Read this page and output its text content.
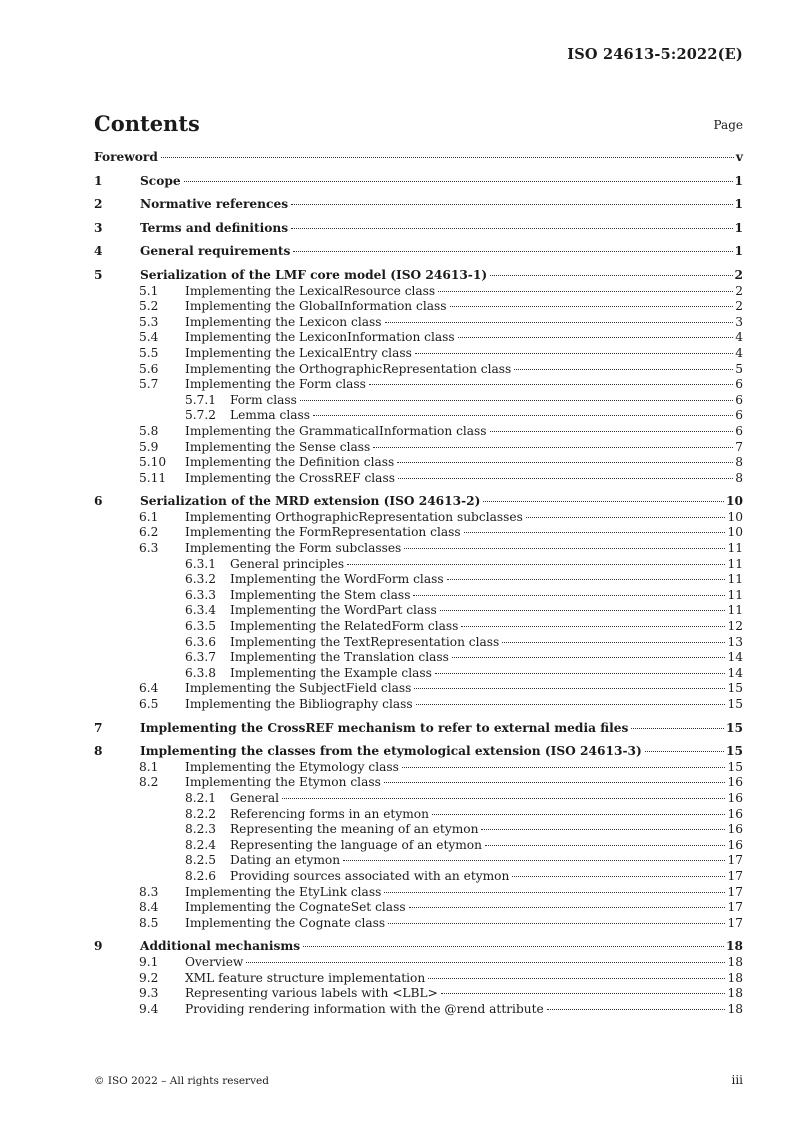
ISO 24613-5:2022(E)
Contents	Page
Foreword	v
1	Scope	1
2	Normative references	1
3	Terms and definitions	1
4	General requirements	1
5	Serialization of the LMF core model (ISO 24613-1)	2
5.1 Implementing the LexicalResource class	2
5.2 Implementing the GlobalInformation class	2
5.3 Implementing the Lexicon class	3
5.4 Implementing the LexiconInformation class	4
5.5 Implementing the LexicalEntry class	4
5.6 Implementing the OrthographicRepresentation class	5
5.7 Implementing the Form class	6
5.7.1 Form class	6
5.7.2 Lemma class	6
5.8 Implementing the GrammaticalInformation class	6
5.9 Implementing the Sense class	7
5.10 Implementing the Definition class	8
5.11 Implementing the CrossREF class	8
6	Serialization of the MRD extension (ISO 24613-2)	10
6.1 Implementing OrthographicRepresentation subclasses	10
6.2 Implementing the FormRepresentation class	10
6.3 Implementing the Form subclasses	11
6.3.1 General principles	11
6.3.2 Implementing the WordForm class	11
6.3.3 Implementing the Stem class	11
6.3.4 Implementing the WordPart class	11
6.3.5 Implementing the RelatedForm class	12
6.3.6 Implementing the TextRepresentation class	13
6.3.7 Implementing the Translation class	14
6.3.8 Implementing the Example class	14
6.4 Implementing the SubjectField class	15
6.5 Implementing the Bibliography class	15
7	Implementing the CrossREF mechanism to refer to external media files	15
8	Implementing the classes from the etymological extension (ISO 24613-3)	15
8.1 Implementing the Etymology class	15
8.2 Implementing the Etymon class	16
8.2.1 General	16
8.2.2 Referencing forms in an etymon	16
8.2.3 Representing the meaning of an etymon	16
8.2.4 Representing the language of an etymon	16
8.2.5 Dating an etymon	17
8.2.6 Providing sources associated with an etymon	17
8.3 Implementing the EtyLink class	17
8.4 Implementing the CognateSet class	17
8.5 Implementing the Cognate class	17
9	Additional mechanisms	18
9.1 Overview	18
9.2 XML feature structure implementation	18
9.3 Representing various labels with <LBL>	18
9.4 Providing rendering information with the @rend attribute	18
© ISO 2022 – All rights reserved	iii
